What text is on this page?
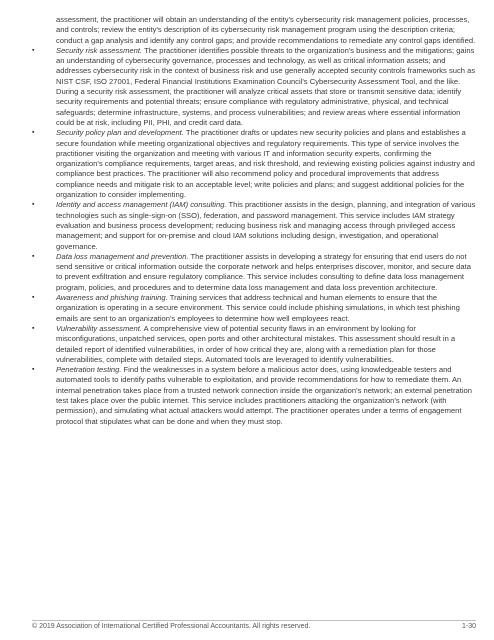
assessment, the practitioner will obtain an understanding of the entity's cybersecurity risk management policies, processes, and controls; review the entity's description of its cybersecurity risk management program using the description criteria; conduct a gap analysis and identify any control gaps; and provide recommendations to remediate any control gaps identified.

▪	Security risk assessment. The practitioner identifies possible threats to the organization's business and the mitigations; gains an understanding of cybersecurity governance, processes and technology, as well as critical information assets; and addresses cybersecurity risk in the context of business risk and use generally accepted security controls frameworks such as NIST CSF, ISO 27001, Federal Financial Institutions Examination Council's Cybersecurity Assessment Tool, and the like. During a security risk assessment, the practitioner will analyze critical assets that store or transmit sensitive data; identify security requirements and potential threats; ensure compliance with regulatory administrative, physical, and technical safeguards; determine infrastructure, systems, and process vulnerabilities; and review areas where essential information could be at risk, including PII, PHI, and credit card data.
▪	Security policy plan and development. The practitioner drafts or updates new security policies and plans and establishes a secure foundation while meeting organizational objectives and regulatory requirements. This type of service involves the practitioner visiting the organization and meeting with various IT and information security experts, confirming the organization's compliance requirements, target areas, and risk threshold, and reviewing existing policies against industry and compliance best practices. The practitioner will also recommend policy and procedural improvements that address compliance needs and mitigate risk to an acceptable level; write policies and plans; and suggest additional policies for the organization to consider implementing.
▪	Identity and access management (IAM) consulting. This practitioner assists in the design, planning, and integration of various technologies such as single-sign-on (SSO), federation, and password management. This service includes IAM strategy evaluation and business process development; reducing business risk and managing access through privileged access management; and support for on-premise and cloud IAM solutions including design, investigation, and operational governance.
▪	Data loss management and prevention. The practitioner assists in developing a strategy for ensuring that end users do not send sensitive or critical information outside the corporate network and helps enterprises discover, monitor, and secure data to prevent exfiltration and ensure regulatory compliance. This service includes consulting to define data loss management program, policies, and procedures and to determine data loss management and data loss prevention architecture.
▪	Awareness and phishing training. Training services that address technical and human elements to ensure that the organization is operating in a secure environment. This service could include phishing simulations, in which test phishing emails are sent to an organization's employees to determine how well employees react.
▪	Vulnerability assessment. A comprehensive view of potential security flaws in an environment by looking for misconfigurations, unpatched services, open ports and other architectural mistakes. This assessment should result in a detailed report of identified vulnerabilities, in order of how critical they are, along with a remediation plan for those vulnerabilities, complete with detailed steps. Automated tools are leveraged to identify vulnerabilities.
▪	Penetration testing. Find the weaknesses in a system before a malicious actor does, using knowledgeable testers and automated tools to identify paths vulnerable to exploitation, and provide recommendations for how to remediate them. An internal penetration takes place from a trusted network connection inside the organization's network; an external penetration test takes place over the public internet. This service includes practitioners attacking the organization's network (with permission), and simulating what actual attackers would attempt. The practitioner operates under a terms of engagement protocol that stipulates what can be done and when they must stop.
© 2019 Association of International Certified Professional Accountants. All rights reserved.	1-30
